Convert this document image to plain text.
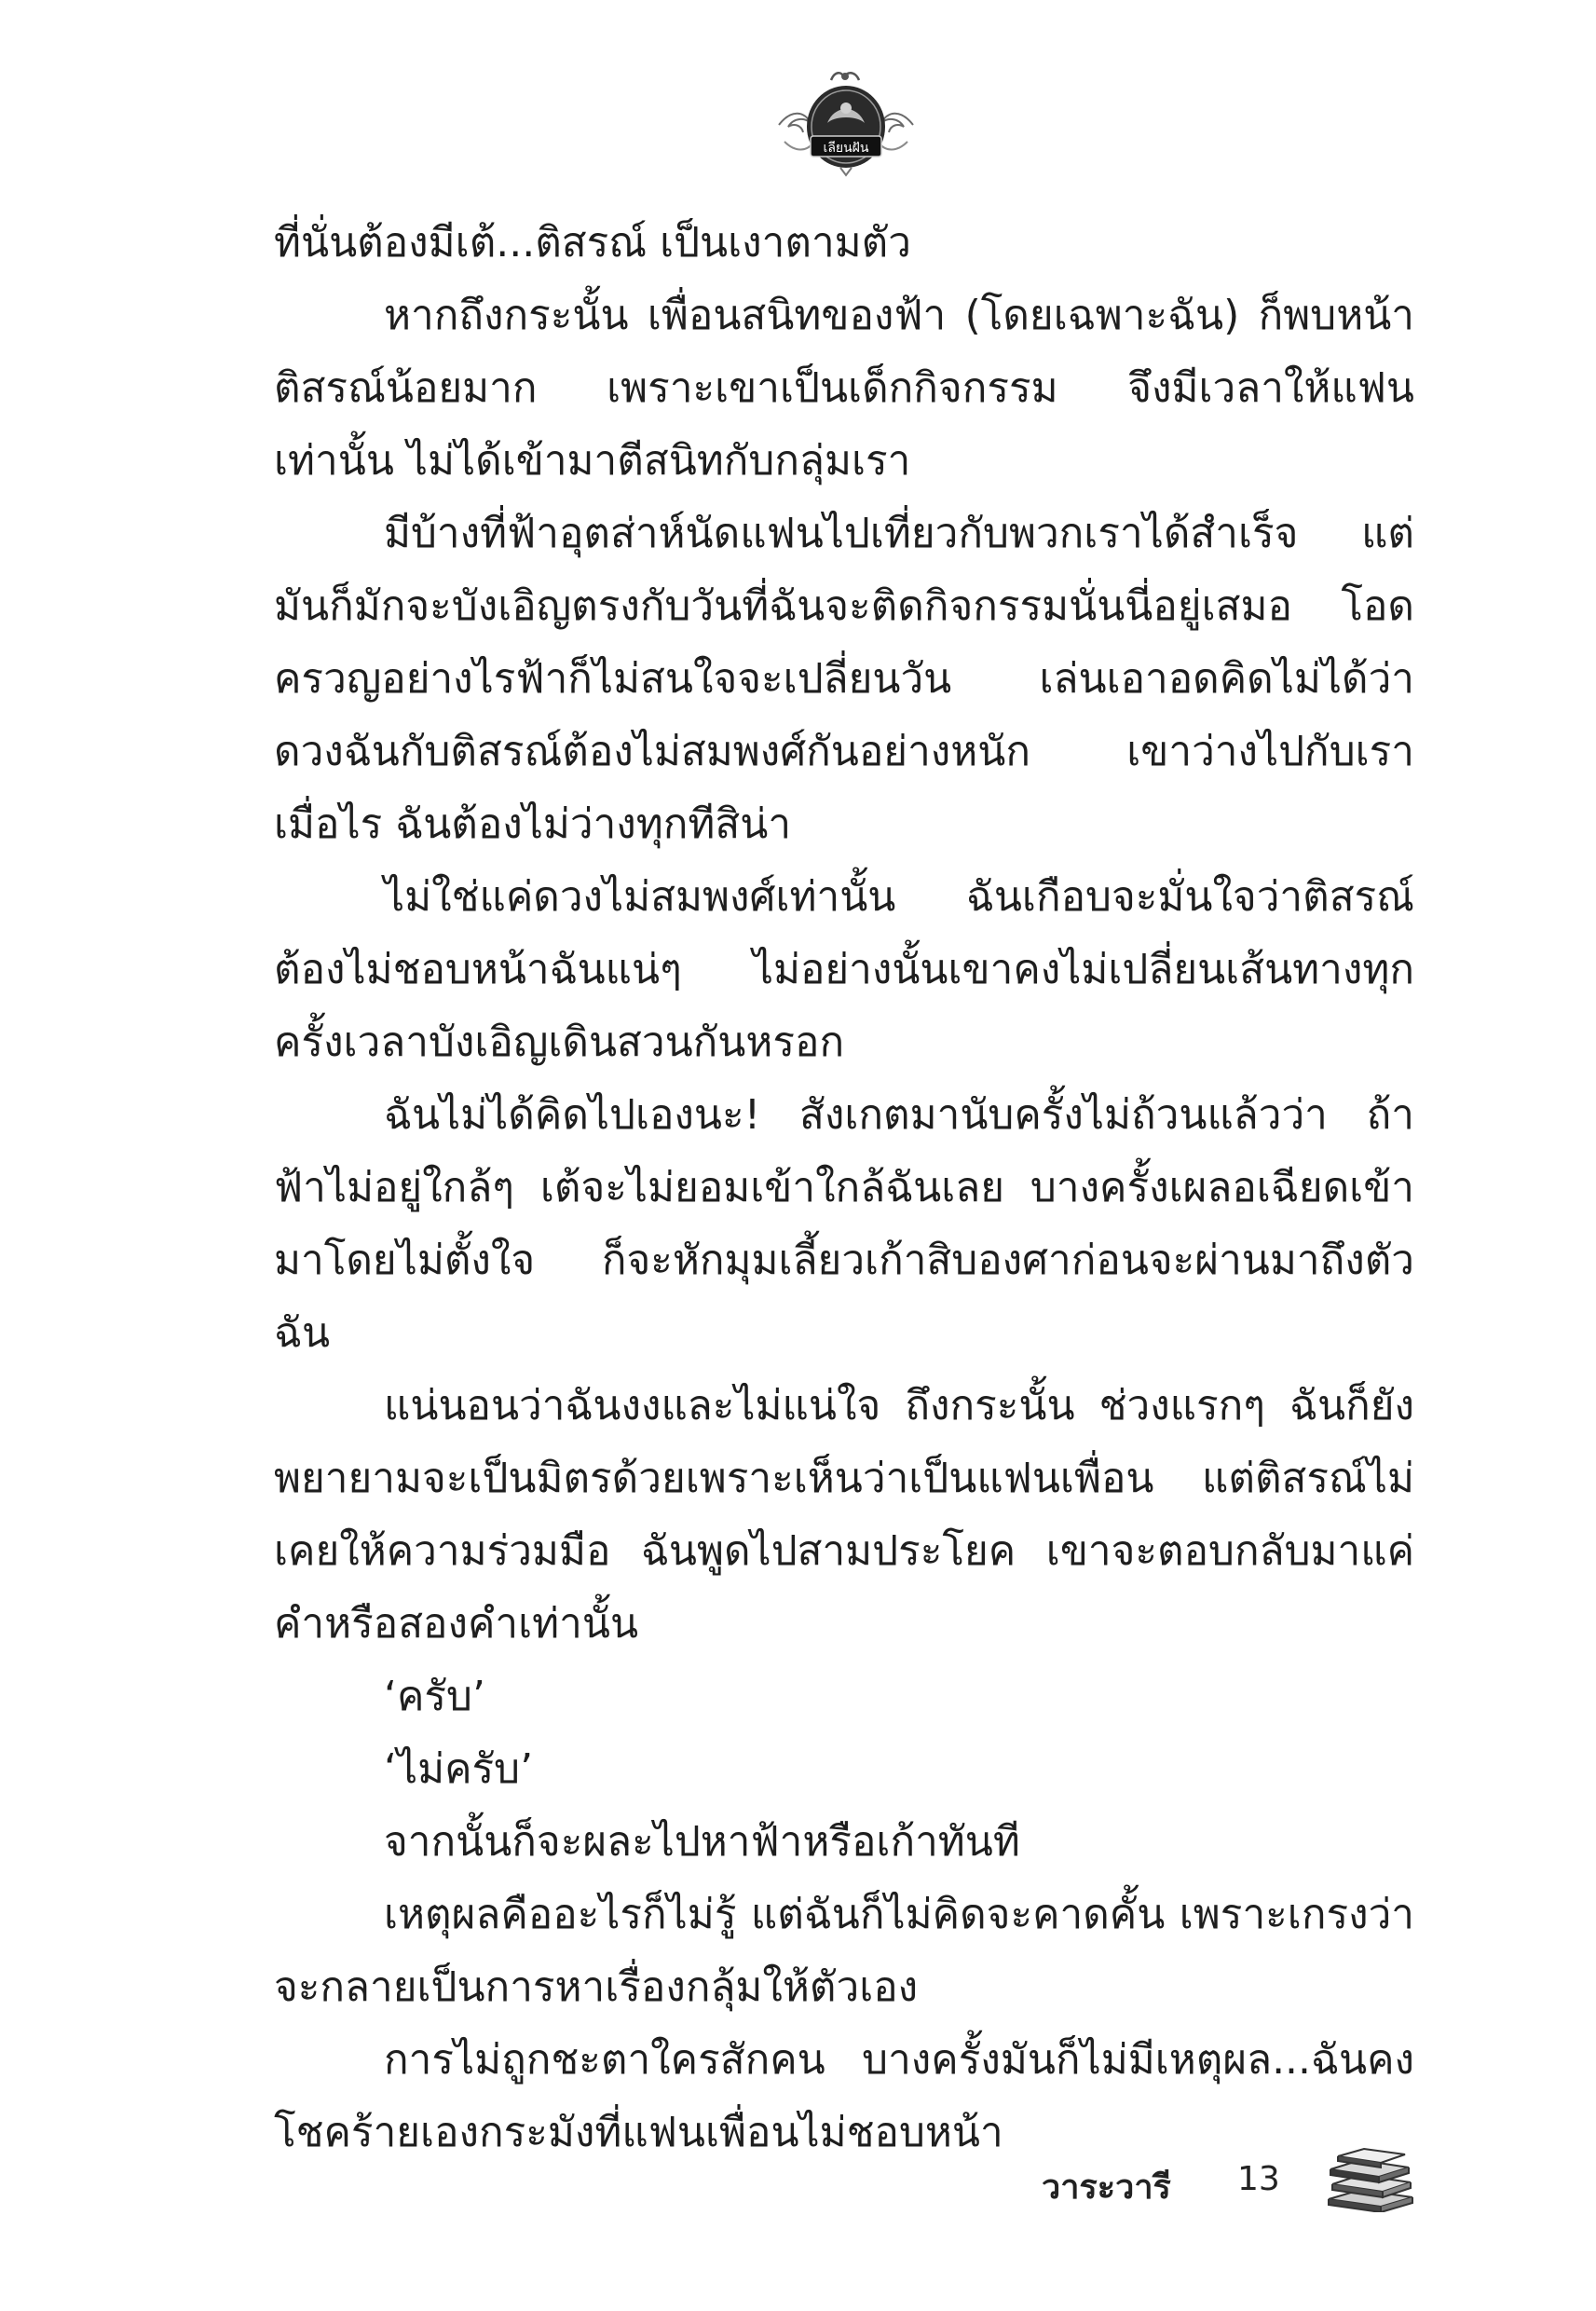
เลียนฝัน

ที่นั่นต้องมีเต้...ติสรณ์ เป็นเงาตามตัว

หากถึงกระนั้น เพื่อนสนิทของฟ้า (โดยเฉพาะฉัน) ก็พบหน้าติสรณ์น้อยมาก เพราะเขาเป็นเด็กกิจกรรม จึงมีเวลาให้แฟนเท่านั้น ไม่ได้เข้ามาตีสนิทกับกลุ่มเรา

มีบ้างที่ฟ้าอุตส่าห์นัดแฟนไปเที่ยวกับพวกเราได้สำเร็จ แต่มันก็มักจะบังเอิญตรงกับวันที่ฉันจะติดกิจกรรมนั่นนี่อยู่เสมอ โอดครวญอย่างไรฟ้าก็ไม่สนใจจะเปลี่ยนวัน เล่นเอาอดคิดไม่ได้ว่า ดวงฉันกับติสรณ์ต้องไม่สมพงศ์กันอย่างหนัก เขาว่างไปกับเราเมื่อไร ฉันต้องไม่ว่างทุกทีสิน่า

ไม่ใช่แค่ดวงไม่สมพงศ์เท่านั้น ฉันเกือบจะมั่นใจว่าติสรณ์ต้องไม่ชอบหน้าฉันแน่ๆ ไม่อย่างนั้นเขาคงไม่เปลี่ยนเส้นทางทุกครั้งเวลาบังเอิญเดินสวนกันหรอก

ฉันไม่ได้คิดไปเองนะ! สังเกตมานับครั้งไม่ถ้วนแล้วว่า ถ้าฟ้าไม่อยู่ใกล้ๆ เต้จะไม่ยอมเข้าใกล้ฉันเลย บางครั้งเผลอเฉียดเข้ามาโดยไม่ตั้งใจ ก็จะหักมุมเลี้ยวเก้าสิบองศาก่อนจะผ่านมาถึงตัวฉัน

แน่นอนว่าฉันงงและไม่แน่ใจ ถึงกระนั้น ช่วงแรกๆ ฉันก็ยังพยายามจะเป็นมิตรด้วยเพราะเห็นว่าเป็นแฟนเพื่อน แต่ติสรณ์ไม่เคยให้ความร่วมมือ ฉันพูดไปสามประโยค เขาจะตอบกลับมาแค่คำหรือสองคำเท่านั้น

‘ครับ’

‘ไม่ครับ’

จากนั้นก็จะผละไปหาฟ้าหรือเก้าทันที

เหตุผลคืออะไรก็ไม่รู้ แต่ฉันก็ไม่คิดจะคาดคั้น เพราะเกรงว่าจะกลายเป็นการหาเรื่องกลุ้มให้ตัวเอง

การไม่ถูกชะตาใครสักคน บางครั้งมันก็ไม่มีเหตุผล...ฉันคงโชคร้ายเองกระมังที่แฟนเพื่อนไม่ชอบหน้า

วาระวารี 13
